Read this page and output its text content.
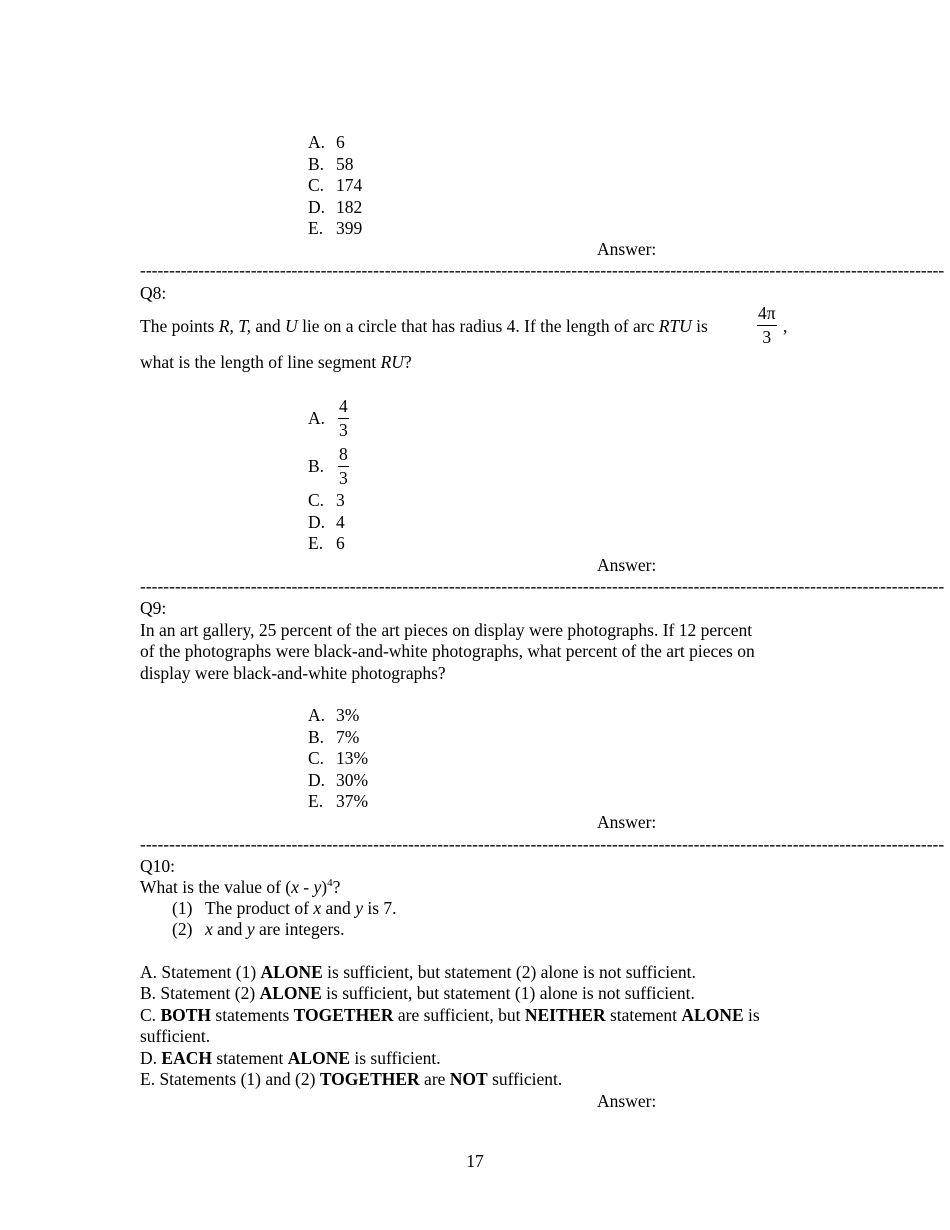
A. 6
B. 58
C. 174
D. 182
E. 399
Answer:
------------------------------------------------------------------------------------------------------------------------------------------
Q8:
The points R, T, and U lie on a circle that has radius 4. If the length of arc RTU is	$\frac{4\pi}{3}$ ,
what is the length of line segment RU?
A. $\frac{4}{3}$
B. $\frac{8}{3}$
C. 3
D. 4
E. 6
Answer:
------------------------------------------------------------------------------------------------------------------------------------------
Q9:
In an art gallery, 25 percent of the art pieces on display were photographs. If 12 percent
of the photographs were black-and-white photographs, what percent of the art pieces on
display were black-and-white photographs?
A. 3%
B. 7%
C. 13%
D. 30%
E. 37%
Answer:
------------------------------------------------------------------------------------------------------------------------------------------
Q10:
What is the value of (x - y)$^4$?
(1) The product of x and y is 7.
(2) x and y are integers.
A. Statement (1) ALONE is sufficient, but statement (2) alone is not sufficient.
B. Statement (2) ALONE is sufficient, but statement (1) alone is not sufficient.
C. BOTH statements TOGETHER are sufficient, but NEITHER statement ALONE is
sufficient.
D. EACH statement ALONE is sufficient.
E. Statements (1) and (2) TOGETHER are NOT sufficient.
Answer:
17
